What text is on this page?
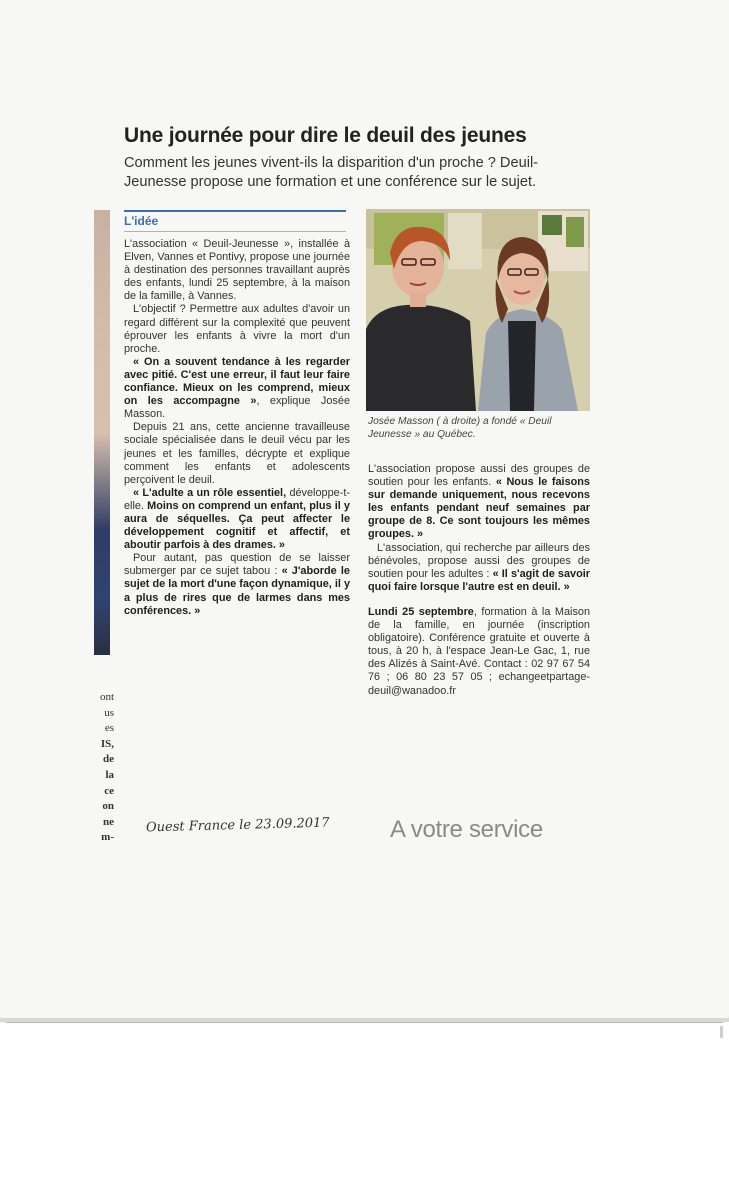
Une journée pour dire le deuil des jeunes

Comment les jeunes vivent-ils la disparition d'un proche ? Deuil-Jeunesse propose une formation et une conférence sur le sujet.

ont
us
es
IS,
de
la
ce
on
ne
m-
L'idée

L'association « Deuil-Jeunesse », installée à Elven, Vannes et Pontivy, propose une journée à destination des personnes travaillant auprès des enfants, lundi 25 septembre, à la maison de la famille, à Vannes.

L'objectif ? Permettre aux adultes d'avoir un regard différent sur la complexité que peuvent éprouver les enfants à vivre la mort d'un proche.

« On a souvent tendance à les regarder avec pitié. C'est une erreur, il faut leur faire confiance. Mieux on les comprend, mieux on les accompagne », explique Josée Masson.

Depuis 21 ans, cette ancienne travailleuse sociale spécialisée dans le deuil vécu par les jeunes et les familles, décrypte et explique comment les enfants et adolescents perçoivent le deuil.

« L'adulte a un rôle essentiel, développe-t-elle. Moins on comprend un enfant, plus il y aura de séquelles. Ça peut affecter le développement cognitif et affectif, et aboutir parfois à des drames. »

Pour autant, pas question de se laisser submerger par ce sujet tabou : « J'aborde le sujet de la mort d'une façon dynamique, il y a plus de rires que de larmes dans mes conférences. »

Josée Masson ( à droite) a fondé « Deuil Jeunesse » au Québec.

L'association propose aussi des groupes de soutien pour les enfants. « Nous le faisons sur demande uniquement, nous recevons les enfants pendant neuf semaines par groupe de 8. Ce sont toujours les mêmes groupes. »

L'association, qui recherche par ailleurs des bénévoles, propose aussi des groupes de soutien pour les adultes : « Il s'agit de savoir quoi faire lorsque l'autre est en deuil. »

Lundi 25 septembre, formation à la Maison de la famille, en journée (inscription obligatoire). Conférence gratuite et ouverte à tous, à 20 h, à l'espace Jean-Le Gac, 1, rue des Alizés à Saint-Avé. Contact : 02 97 67 54 76 ; 06 80 23 57 05 ; echangeetpartage-deuil@wanadoo.fr

Ouest France le 23.09.2017	A votre service
